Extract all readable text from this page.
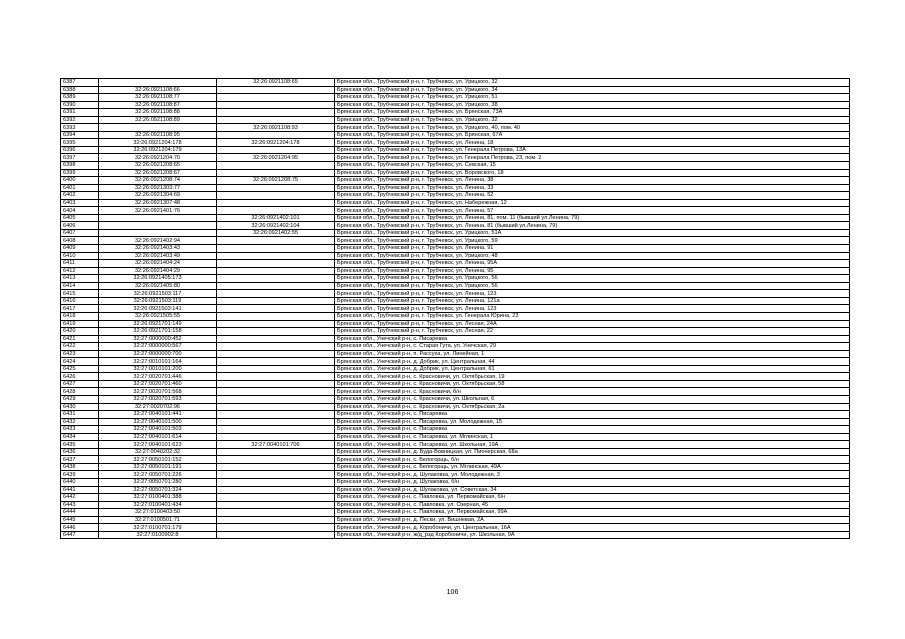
6387		32:26:0921108:65	Брянская обл., Трубчевский р-н, г. Трубчевск, ул. Урицкого, 32
6388	32:26:0921108:66		Брянская обл., Трубчевский р-н, г. Трубчевск, ул. Урицкого, 34
6389	32:26:0921108:77		Брянская обл., Трубчевский р-н, г. Трубчевск, ул. Урицкого, 51
6390	32:26:0921108:87		Брянская обл., Трубчевский р-н, г. Трубчевск, ул. Урицкого, 38
6391	32:26:0921108:88		Брянская обл., Трубчевский р-н, г. Трубчевск, ул. Брянская, 73А
6392	32:26:0921108:89		Брянская обл., Трубчевский р-н, г. Трубчевск, ул. Урицкого, 32
6393		32:26:0921108:93	Брянская обл., Трубчевский р-н, г. Трубчевск, ул. Урицкого, 40, пом. 40
6394	32:26:0921108:95		Брянская обл., Трубчевский р-н, г. Трубчевск, ул. Брянская, 67А
6395	32:26:0921204:178	32:26:0921204:178	Брянская обл., Трубчевский р-н, г. Трубчевск, ул. Ленина, 18
6396	32:26:0921204:179		Брянская обл., Трубчевский р-н, г. Трубчевск, ул. Генерала Петрова, 13А
6397	32:26:0921204:70	32:26:0921204:95	Брянская обл., Трубчевский р-н, г. Трубчевск, ул. Генерала Петрова, 23, пом. 2
6398	32:26:0921208:65		Брянская обл., Трубчевский р-н, г. Трубчевск, ул. Севская, 15
6399	32:26:0921208:67		Брянская обл., Трубчевский р-н, г. Трубчевск, ул. Воровского, 18
6400	32:26:0921208:74	32:26:0921208:75	Брянская обл., Трубчевский р-н, г. Трубчевск, ул. Ленина, 38
6401	32:26:0921303:77		Брянская обл., Трубчевский р-н, г. Трубчевск, ул. Ленина, 33
6402	32:26:0921304:69		Брянская обл., Трубчевский р-н, г. Трубчевск, ул. Ленина, 52
6403	32:26:0921307:48		Брянская обл., Трубчевский р-н, г. Трубчевск, ул. Набережная, 12
6404	32:26:0921401:76		Брянская обл., Трубчевский р-н, г. Трубчевск, ул. Ленина, 57
6405		32:26:0921402:101	Брянская обл., Трубчевский р-н, г. Трубчевск, ул. Ленина, 81, пом. 11 (бывший ул.Ленина, 79)
6406		32:26:0921402:104	Брянская обл., Трубчевский р-н, г. Трубчевск, ул. Ленина, 81 (бывший ул.Ленина, 79)
6407		32:26:0921402:55	Брянская обл., Трубчевский р-н, г. Трубчевск, ул. Урицкого, 51А
6408	32:26:0921402:94		Брянская обл., Трубчевский р-н, г. Трубчевск, ул. Урицкого, 59
6409	32:26:0921403:43		Брянская обл., Трубчевский р-н, г. Трубчевск, ул. Ленина, 91
6410	32:26:0921403:49		Брянская обл., Трубчевский р-н, г. Трубчевск, ул. Урицкого, 48
6411	32:26:0921404:24		Брянская обл., Трубчевский р-н, г. Трубчевск, ул. Ленина, 95А
6412	32:26:0921404:29		Брянская обл., Трубчевский р-н, г. Трубчевск, ул. Ленина, 95
6413	32:26:0921405:173		Брянская обл., Трубчевский р-н, г. Трубчевск, ул. Урицкого, 56
6414	32:26:0921405:80		Брянская обл., Трубчевский р-н, г. Трубчевск, ул. Урицкого, 56
6415	32:26:0921503:117		Брянская обл., Трубчевский р-н, г. Трубчевск, ул. Ленина, 123
6416	32:26:0921503:119		Брянская обл., Трубчевский р-н, г. Трубчевск, ул. Ленина, 121а
6417	32:26:0921503:141		Брянская обл., Трубчевский р-н, г. Трубчевск, ул. Ленина, 123
6418	32:26:0921505:55		Брянская обл., Трубчевский р-н, г. Трубчевск, ул. Генерала Юрина, 23
6419	32:26:0921701:149		Брянская обл., Трубчевский р-н, г. Трубчевск, ул. Лесная, 24А
6420	32:26:0921701:158		Брянская обл., Трубчевский р-н, г. Трубчевск, ул. Лесная, 22
6421	32:27:0000000:452		Брянская обл., Унечский р-н, с. Писаревка
6422	32:27:0000000:567		Брянская обл., Унечский р-н, с. Старая Гута, ул. Унечская, 29
6423	32:27:0000000:700		Брянская обл., Унечский р-н, п. Рассуха, ул. Линейная, 1
6424	32:27:0010101:164		Брянская обл., Унечский р-н, д. Добрик, ул. Центральная, 44
6425	32:27:0010101:200		Брянская обл., Унечский р-н, д. Добрик, ул. Центральная, 61
6426	32:27:0020701:446		Брянская обл., Унечский р-н, с. Красновичи, ул. Октябрьская, 19
6427	32:27:0020701:460		Брянская обл., Унечский р-н, с. Красновичи, ул. Октябрьская, 58
6428	32:27:0020701:568		Брянская обл., Унечский р-н, с. Красновичи, б/н
6429	32:27:0020701:593		Брянская обл., Унечский р-н, с. Красновичи, ул. Школьная, 6
6430	32:27:0020702:96		Брянская обл., Унечский р-н, с. Красновичи, ул. Октябрьская, 2а
6431	32:27:0040101:441		Брянская обл., Унечский р-н, с. Писаревка
6432	32:27:0040101:500		Брянская обл., Унечский р-н, с. Писаревка, ул. Молодежная, 15
6433	32:27:0040101:503		Брянская обл., Унечский р-н, с. Писаревка
6434	32:27:0040101:614		Брянская обл., Унечский р-н, с. Писаревка, ул. Мглинская, 1
6435	32:27:0040101:623	32:27:0040101:706	Брянская обл., Унечский р-н, с. Писаревка, ул. Школьная, 19А
6436	32:27:0040202:32		Брянская обл., Унечский р-н, д. Буда-Вовницкая, ул. Пионерская, 68а
6437	32:27:0050101:152		Брянская обл., Унечский р-н, с. Белогорщь, б/н
6438	32:27:0050101:191		Брянская обл., Унечский р-н, с. Белогорщь, ул. Мглинская, 49А
6439	32:27:0050701:226		Брянская обл., Унечский р-н, д. Шулаковка, ул. Молодежная, 3
6440	32:27:0050701:280		Брянская обл., Унечский р-н, д. Шулаковка, б/н
6441	32:27:0050701:324		Брянская обл., Унечский р-н, д. Шулаковка, ул. Советская, 34
6442	32:27:0100401:388		Брянская обл., Унечский р-н, с. Павловка, ул. Первомайская, б/н
6443	32:27:0100401:434		Брянская обл., Унечский р-н, с. Павловка, ул. Озерная, 45
6444	32:27:0100403:50		Брянская обл., Унечский р-н, с. Павловка, ул. Первомайская, 99А
6445	32:27:0100501:71		Брянская обл., Унечский р-н, д. Пески, ул. Вишневая, 2А
6446	32:27:0100701:179		Брянская обл., Унечский р-н, д. Коробоничи, ул. Центральная, 16А
6447	32:27:0100902:8		Брянская обл., Унечский р-н, ж/д_рзд Коробоничи, ул. Школьная, 9А
106
